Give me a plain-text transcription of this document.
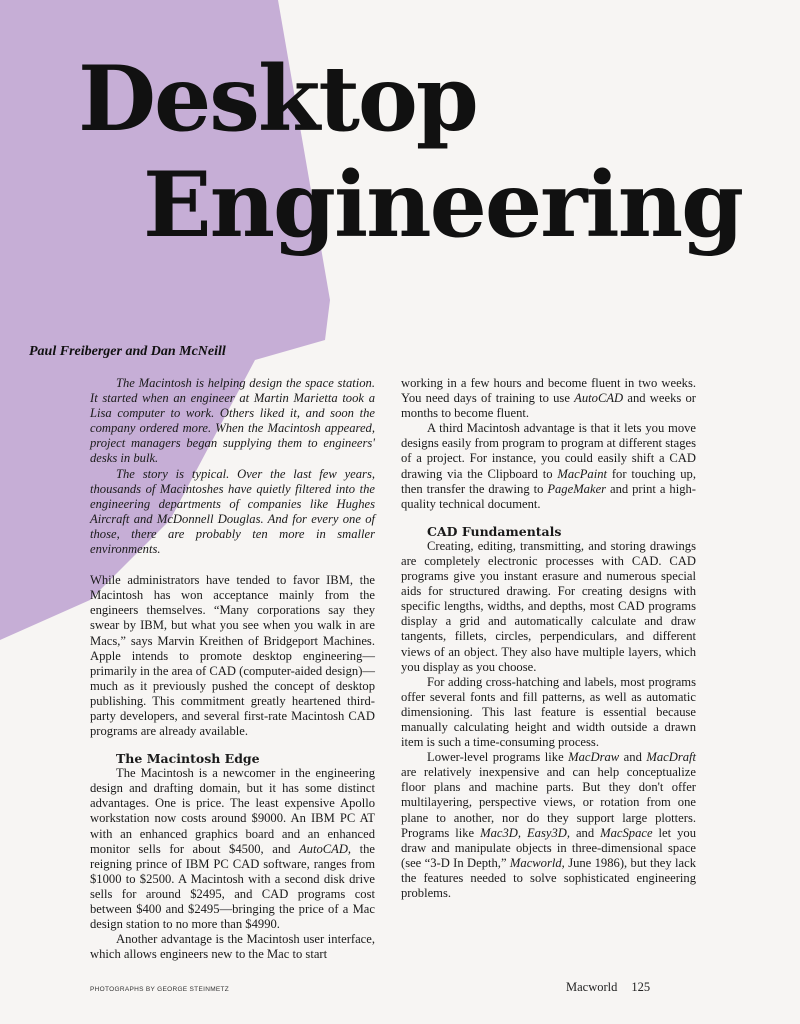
Desktop
Engineering
Paul Freiberger and Dan McNeill

The Macintosh is helping design the space station. It started when an engineer at Martin Marietta took a Lisa computer to work. Others liked it, and soon the company ordered more. When the Macintosh appeared, project managers began supplying them to engineers' desks in bulk.

The story is typical. Over the last few years, thousands of Macintoshes have quietly filtered into the engineering departments of companies like Hughes Aircraft and McDonnell Douglas. And for every one of those, there are probably ten more in smaller environments.

While administrators have tended to favor IBM, the Macintosh has won acceptance mainly from the engineers themselves. “Many corporations say they swear by IBM, but what you see when you walk in are Macs,” says Marvin Kreithen of Bridgeport Machines. Apple intends to promote desktop engineering—primarily in the area of CAD (computer-aided design)—much as it previously pushed the concept of desktop publishing. This commitment greatly heartened third-party developers, and several first-rate Macintosh CAD programs are already available.

The Macintosh Edge

The Macintosh is a newcomer in the engineering design and drafting domain, but it has some distinct advantages. One is price. The least expensive Apollo workstation now costs around $9000. An IBM PC AT with an enhanced graphics board and an enhanced monitor sells for about $4500, and AutoCAD, the reigning prince of IBM PC CAD software, ranges from $1000 to $2500. A Macintosh with a second disk drive sells for around $2495, and CAD programs cost between $400 and $2495—bringing the price of a Mac design station to no more than $4990.

Another advantage is the Macintosh user interface, which allows engineers new to the Mac to start

working in a few hours and become fluent in two weeks. You need days of training to use AutoCAD and weeks or months to become fluent.

A third Macintosh advantage is that it lets you move designs easily from program to program at different stages of a project. For instance, you could easily shift a CAD drawing via the Clipboard to MacPaint for touching up, then transfer the drawing to PageMaker and print a high-quality technical document.

CAD Fundamentals

Creating, editing, transmitting, and storing drawings are completely electronic processes with CAD. CAD programs give you instant erasure and numerous special aids for structured drawing. For creating designs with specific lengths, widths, and depths, most CAD programs display a grid and automatically calculate and draw tangents, fillets, circles, perpendiculars, and different views of an object. They also have multiple layers, which you display as you choose.

For adding cross-hatching and labels, most programs offer several fonts and fill patterns, as well as automatic dimensioning. This last feature is essential because manually calculating height and width outside a drawn item is such a time-consuming process.

Lower-level programs like MacDraw and MacDraft are relatively inexpensive and can help conceptualize floor plans and machine parts. But they don't offer multilayering, perspective views, or rotation from one plane to another, nor do they support large plotters. Programs like Mac3D, Easy3D, and MacSpace let you draw and manipulate objects in three-dimensional space (see “3-D In Depth,” Macworld, June 1986), but they lack the features needed to solve sophisticated engineering problems.

PHOTOGRAPHS BY GEORGE STEINMETZ	Macworld 125
